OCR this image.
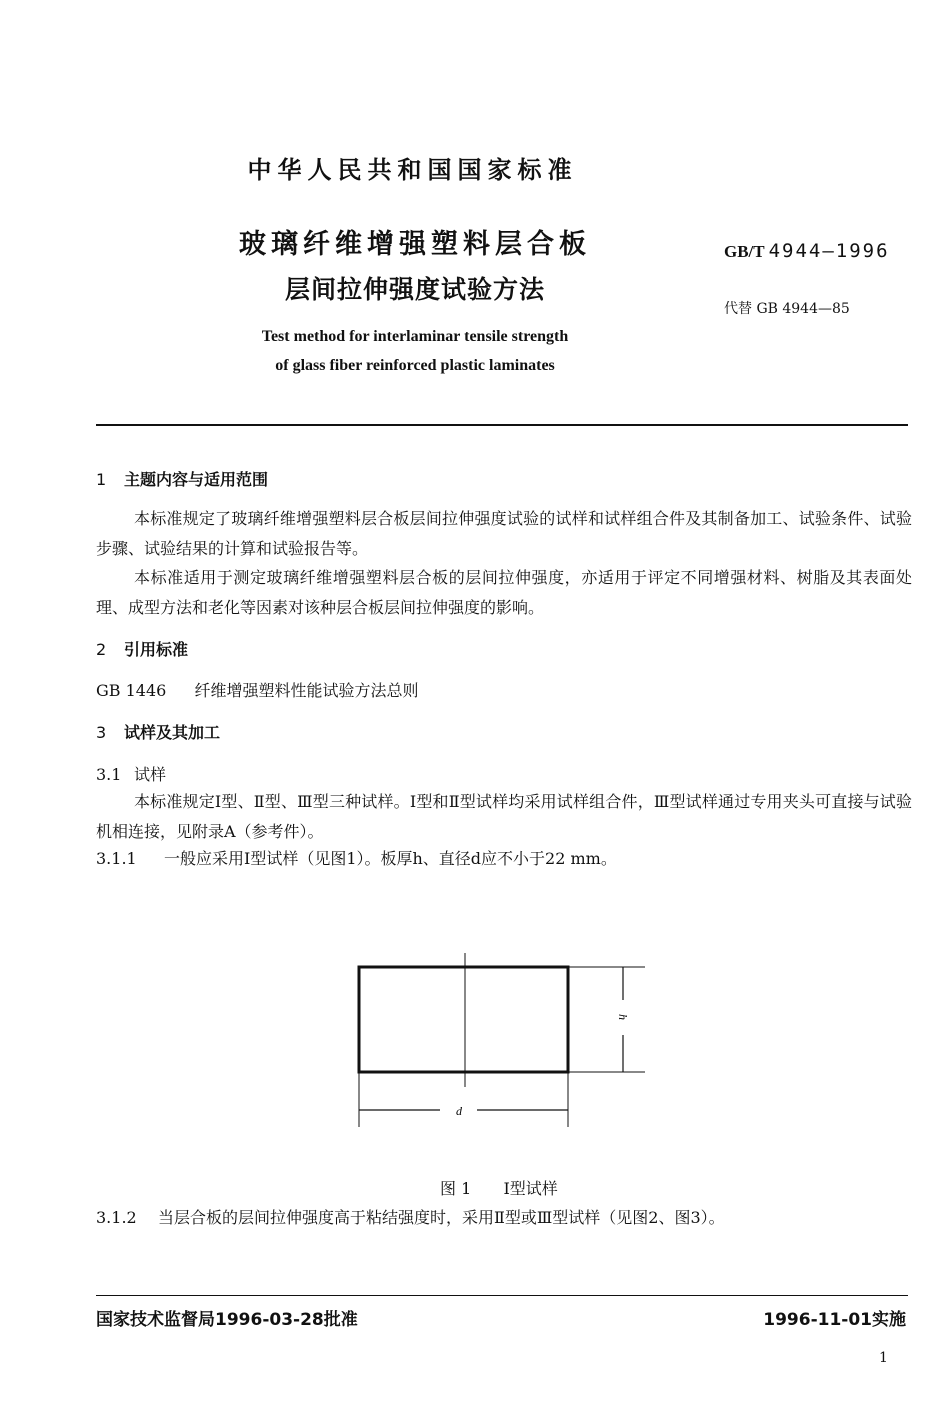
中华人民共和国国家标准
玻璃纤维增强塑料层合板
层间拉伸强度试验方法
Test method for interlaminar tensile strength
of glass fiber reinforced plastic laminates
GB/T 4944—1996
代替 GB 4944—85
1 主题内容与适用范围
本标准规定了玻璃纤维增强塑料层合板层间拉伸强度试验的试样和试样组合件及其制备加工、试验条件、试验步骤、试验结果的计算和试验报告等。
本标准适用于测定玻璃纤维增强塑料层合板的层间拉伸强度，亦适用于评定不同增强材料、树脂及其表面处理、成型方法和老化等因素对该种层合板层间拉伸强度的影响。
2 引用标准
GB 1446 纤维增强塑料性能试验方法总则
3 试样及其加工
3.1 试样
本标准规定Ⅰ型、Ⅱ型、Ⅲ型三种试样。Ⅰ型和Ⅱ型试样均采用试样组合件，Ⅲ型试样通过专用夹头可直接与试验机相连接，见附录A（参考件）。
3.1.1 一般应采用Ⅰ型试样（见图1）。板厚h、直径d应不小于22 mm。
h
d
图 1 Ⅰ型试样
3.1.2 当层合板的层间拉伸强度高于粘结强度时，采用Ⅱ型或Ⅲ型试样（见图2、图3）。
国家技术监督局1996-03-28批准	1996-11-01实施
1
